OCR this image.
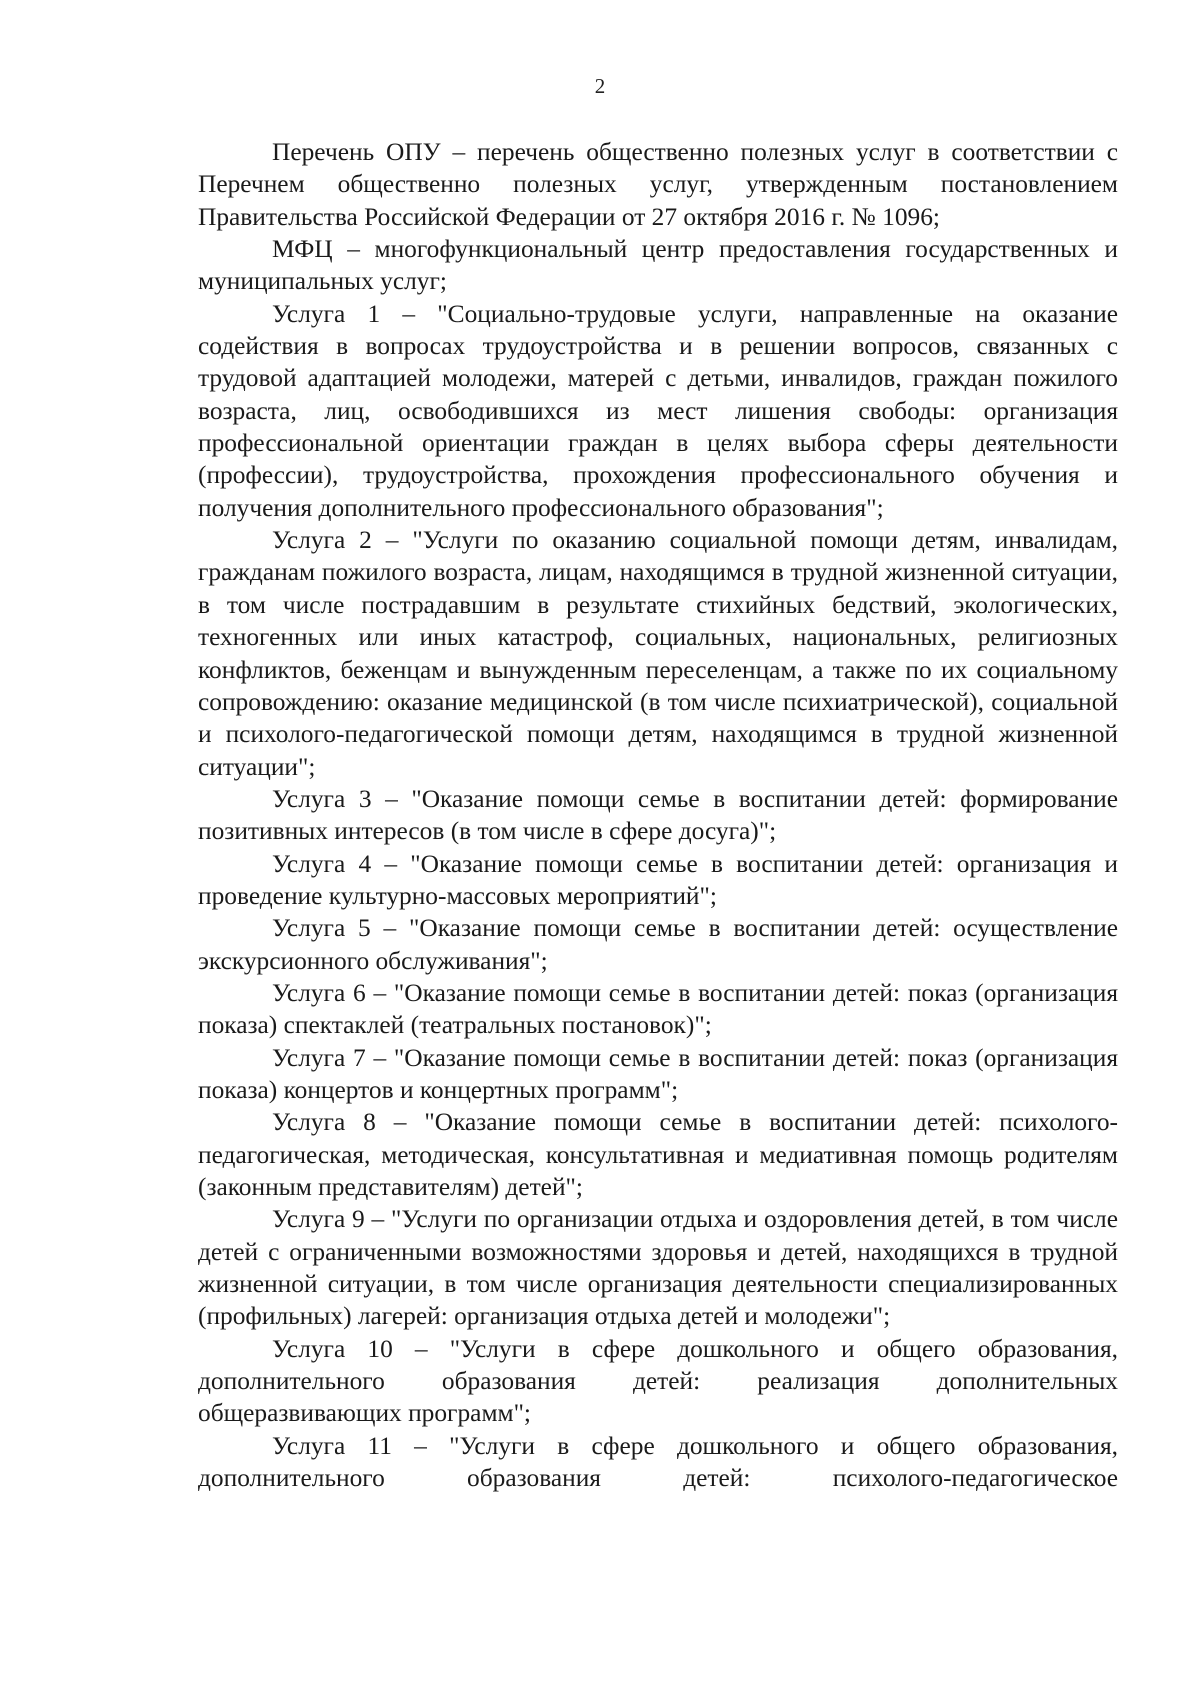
2

Перечень ОПУ – перечень общественно полезных услуг в соответствии с Перечнем общественно полезных услуг, утвержденным постановлением Правительства Российской Федерации от 27 октября 2016 г. № 1096;

МФЦ – многофункциональный центр предоставления государственных и муниципальных услуг;

Услуга 1 – "Социально-трудовые услуги, направленные на оказание содействия в вопросах трудоустройства и в решении вопросов, связанных с трудовой адаптацией молодежи, матерей с детьми, инвалидов, граждан пожилого возраста, лиц, освободившихся из мест лишения свободы: организация профессиональной ориентации граждан в целях выбора сферы деятельности (профессии), трудоустройства, прохождения профессионального обучения и получения дополнительного профессионального образования";

Услуга 2 – "Услуги по оказанию социальной помощи детям, инвалидам, гражданам пожилого возраста, лицам, находящимся в трудной жизненной ситуации, в том числе пострадавшим в результате стихийных бедствий, экологических, техногенных или иных катастроф, социальных, национальных, религиозных конфликтов, беженцам и вынужденным переселенцам, а также по их социальному сопровождению: оказание медицинской (в том числе психиатрической), социальной и психолого-педагогической помощи детям, находящимся в трудной жизненной ситуации";

Услуга 3 – "Оказание помощи семье в воспитании детей: формирование позитивных интересов (в том числе в сфере досуга)";

Услуга 4 – "Оказание помощи семье в воспитании детей: организация и проведение культурно-массовых мероприятий";

Услуга 5 – "Оказание помощи семье в воспитании детей: осуществление экскурсионного обслуживания";

Услуга 6 – "Оказание помощи семье в воспитании детей: показ (организация показа) спектаклей (театральных постановок)";

Услуга 7 – "Оказание помощи семье в воспитании детей: показ (организация показа) концертов и концертных программ";

Услуга 8 – "Оказание помощи семье в воспитании детей: психолого-педагогическая, методическая, консультативная и медиативная помощь родителям (законным представителям) детей";

Услуга 9 – "Услуги по организации отдыха и оздоровления детей, в том числе детей с ограниченными возможностями здоровья и детей, находящихся в трудной жизненной ситуации, в том числе организация деятельности специализированных (профильных) лагерей: организация отдыха детей и молодежи";

Услуга 10 – "Услуги в сфере дошкольного и общего образования, дополнительного образования детей: реализация дополнительных общеразвивающих программ";

Услуга 11 – "Услуги в сфере дошкольного и общего образования, дополнительного образования детей: психолого-педагогическое
